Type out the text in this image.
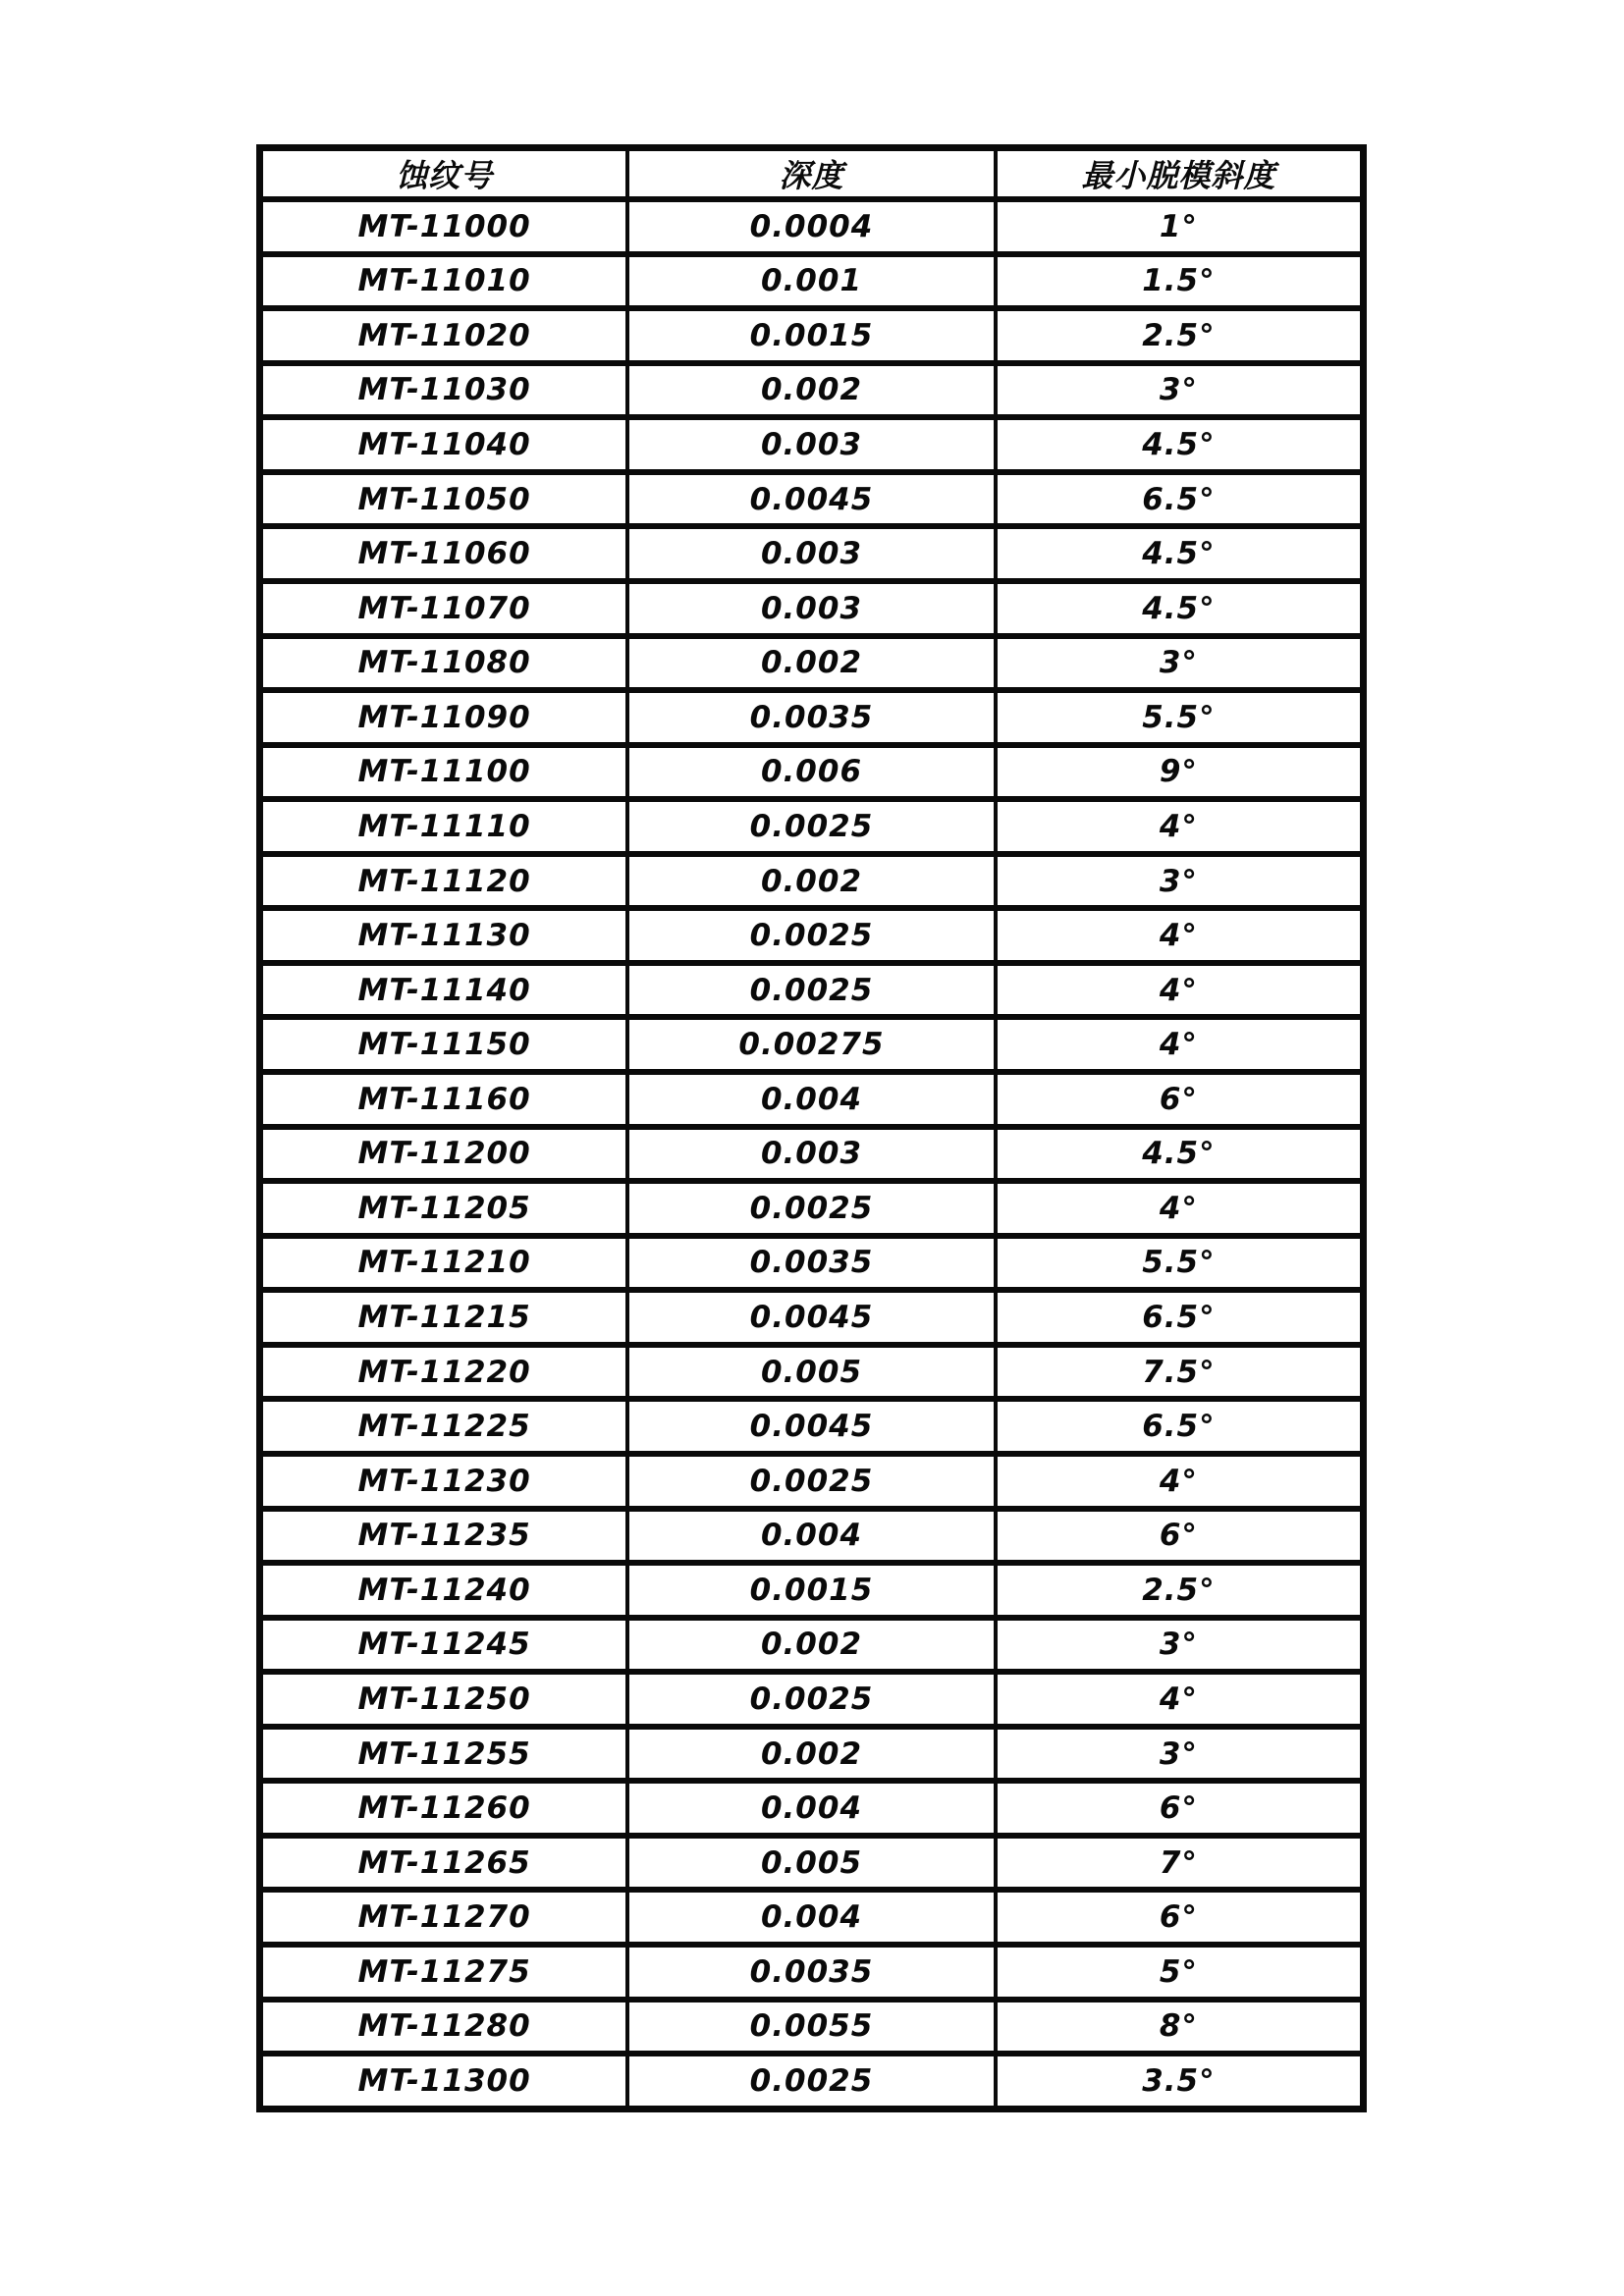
蚀纹号	深度	最小脱模斜度
MT-11000	0.0004	1°
MT-11010	0.001	1.5°
MT-11020	0.0015	2.5°
MT-11030	0.002	3°
MT-11040	0.003	4.5°
MT-11050	0.0045	6.5°
MT-11060	0.003	4.5°
MT-11070	0.003	4.5°
MT-11080	0.002	3°
MT-11090	0.0035	5.5°
MT-11100	0.006	9°
MT-11110	0.0025	4°
MT-11120	0.002	3°
MT-11130	0.0025	4°
MT-11140	0.0025	4°
MT-11150	0.00275	4°
MT-11160	0.004	6°
MT-11200	0.003	4.5°
MT-11205	0.0025	4°
MT-11210	0.0035	5.5°
MT-11215	0.0045	6.5°
MT-11220	0.005	7.5°
MT-11225	0.0045	6.5°
MT-11230	0.0025	4°
MT-11235	0.004	6°
MT-11240	0.0015	2.5°
MT-11245	0.002	3°
MT-11250	0.0025	4°
MT-11255	0.002	3°
MT-11260	0.004	6°
MT-11265	0.005	7°
MT-11270	0.004	6°
MT-11275	0.0035	5°
MT-11280	0.0055	8°
MT-11300	0.0025	3.5°
